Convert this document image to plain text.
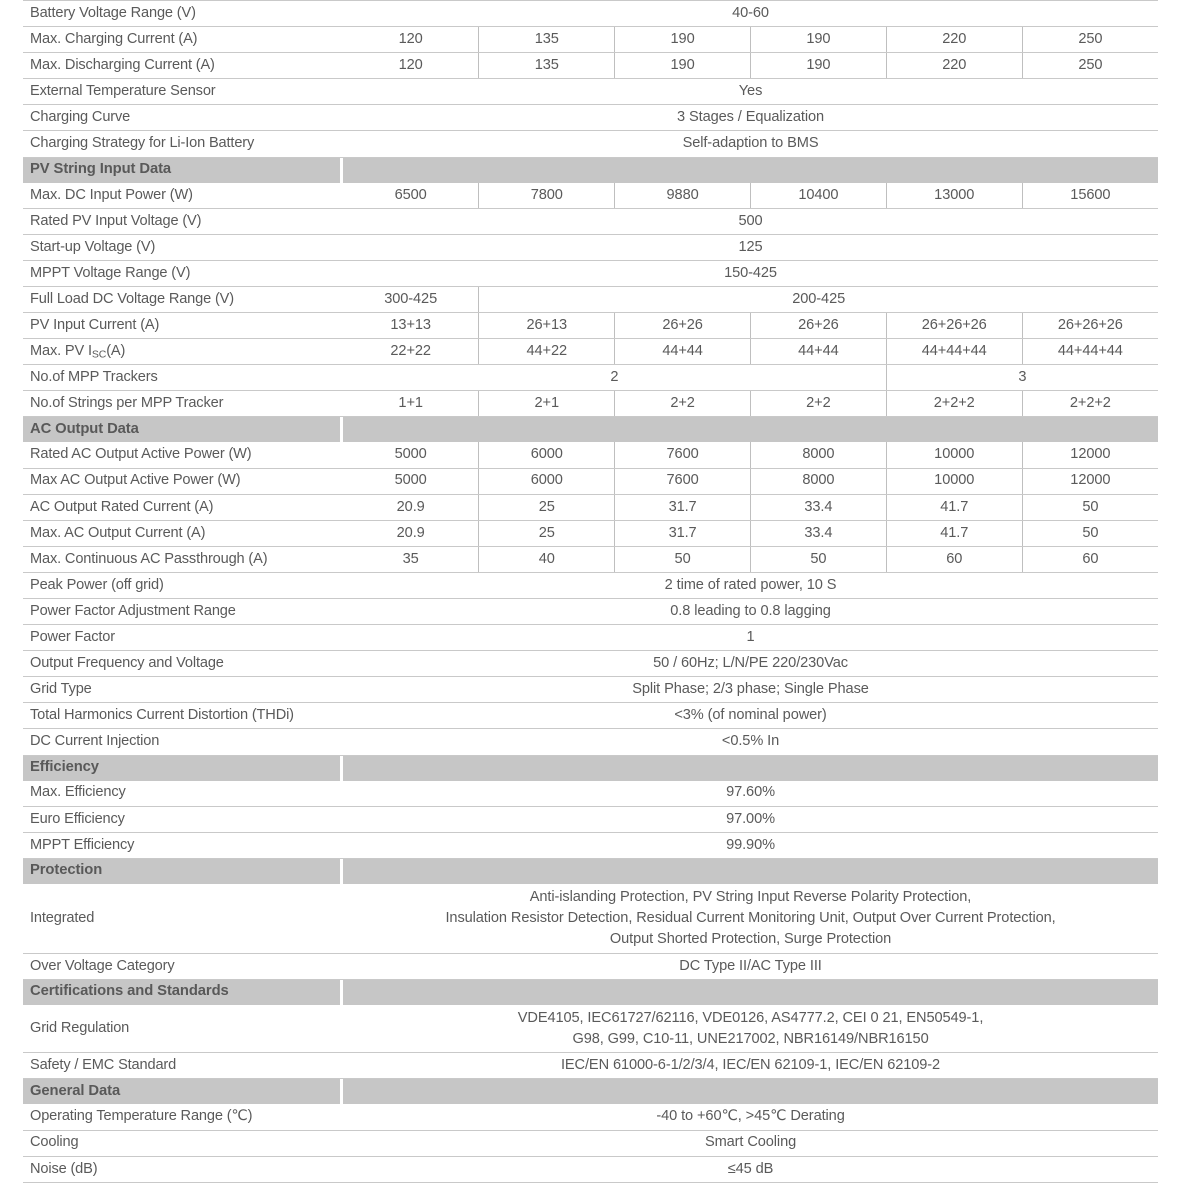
Battery Voltage Range (V)		40-60					
Max. Charging Current (A)		120	135	190	190	220	250
Max. Discharging Current (A)		120	135	190	190	220	250
External Temperature Sensor		Yes					
Charging Curve		3 Stages / Equalization					
Charging Strategy for Li-Ion Battery		Self-adaption to BMS					
PV String Input Data							
Max. DC Input Power (W)		6500	7800	9880	10400	13000	15600
Rated PV Input Voltage (V)		500					
Start-up Voltage (V)		125					
MPPT Voltage Range (V)		150-425					
Full Load DC Voltage Range (V)		300-425	200-425				
PV Input Current (A)		13+13	26+13	26+26	26+26	26+26+26	26+26+26
Max. PV $I_{SC}(A)$		22+22	44+22	44+44	44+44	44+44+44	44+44+44
No.of MPP Trackers		2				3	
No.of Strings per MPP Tracker		1+1	2+1	2+2	2+2	2+2+2	2+2+2
AC Output Data							
Rated AC Output Active Power (W)		5000	6000	7600	8000	10000	12000
Max AC Output Active Power (W)		5000	6000	7600	8000	10000	12000
AC Output Rated Current (A)		20.9	25	31.7	33.4	41.7	50
Max. AC Output Current (A)		20.9	25	31.7	33.4	41.7	50
Max. Continuous AC Passthrough (A)		35	40	50	50	60	60
Peak Power (off grid)		2 time of rated power, 10 S					
Power Factor Adjustment Range		0.8 leading to 0.8 lagging					
Power Factor		1					
Output Frequency and Voltage		50 / 60Hz; L/N/PE 220/230Vac					
Grid Type		Split Phase; 2/3 phase; Single Phase					
Total Harmonics Current Distortion (THDi)		<3% (of nominal power)					
DC Current Injection		<0.5% In					
Efficiency							
Max. Efficiency		97.60%					
Euro Efficiency		97.00%					
MPPT Efficiency		99.90%					
Protection							
Integrated		Anti-islanding Protection, PV String Input Reverse Polarity Protection,
Insulation Resistor Detection, Residual Current Monitoring Unit, Output Over Current Protection,
Output Shorted Protection, Surge Protection					
Over Voltage Category		DC Type II/AC Type III					
Certifications and Standards							
Grid Regulation		VDE4105, IEC61727/62116, VDE0126, AS4777.2, CEI 0 21, EN50549-1,
G98, G99, C10-11, UNE217002, NBR16149/NBR16150					
Safety / EMC Standard		IEC/EN 61000-6-1/2/3/4, IEC/EN 62109-1, IEC/EN 62109-2					
General Data							
Operating Temperature Range (℃)		-40 to +60℃, >45℃ Derating					
Cooling		Smart Cooling					
Noise (dB)		≤45 dB					
